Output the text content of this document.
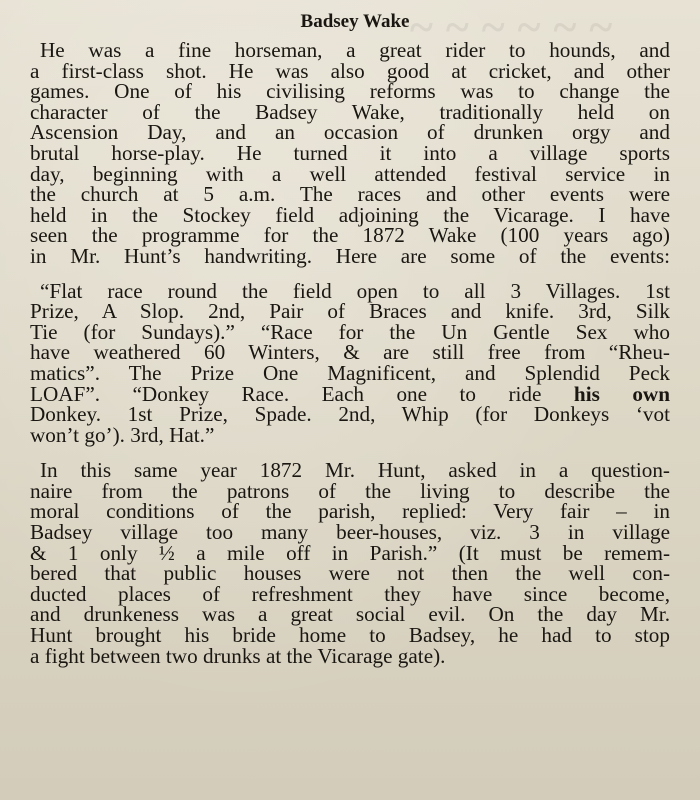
~ ~ ~ ~ ~ ~
Badsey Wake
He was a fine horseman, a great rider to hounds, and
a first-class shot. He was also good at cricket, and other
games. One of his civilising reforms was to change the
character of the Badsey Wake, traditionally held on
Ascension Day, and an occasion of drunken orgy and
brutal horse-play. He turned it into a village sports
day, beginning with a well attended festival service in
the church at 5 a.m. The races and other events were
held in the Stockey field adjoining the Vicarage. I have
seen the programme for the 1872 Wake (100 years ago)
in Mr. Hunt’s handwriting. Here are some of the events:
“Flat race round the field open to all 3 Villages. 1st
Prize, A Slop. 2nd, Pair of Braces and knife. 3rd, Silk
Tie (for Sundays).” “Race for the Un Gentle Sex who
have weathered 60 Winters, & are still free from “Rheu-
matics”. The Prize One Magnificent, and Splendid Peck
LOAF”. “Donkey Race. Each one to ride his own
Donkey. 1st Prize, Spade. 2nd, Whip (for Donkeys ‘vot
won’t go’). 3rd, Hat.”
In this same year 1872 Mr. Hunt, asked in a question-
naire from the patrons of the living to describe the
moral conditions of the parish, replied: Very fair – in
Badsey village too many beer-houses, viz. 3 in village
& 1 only ½ a mile off in Parish.” (It must be remem-
bered that public houses were not then the well con-
ducted places of refreshment they have since become,
and drunkeness was a great social evil. On the day Mr.
Hunt brought his bride home to Badsey, he had to stop
a fight between two drunks at the Vicarage gate).
